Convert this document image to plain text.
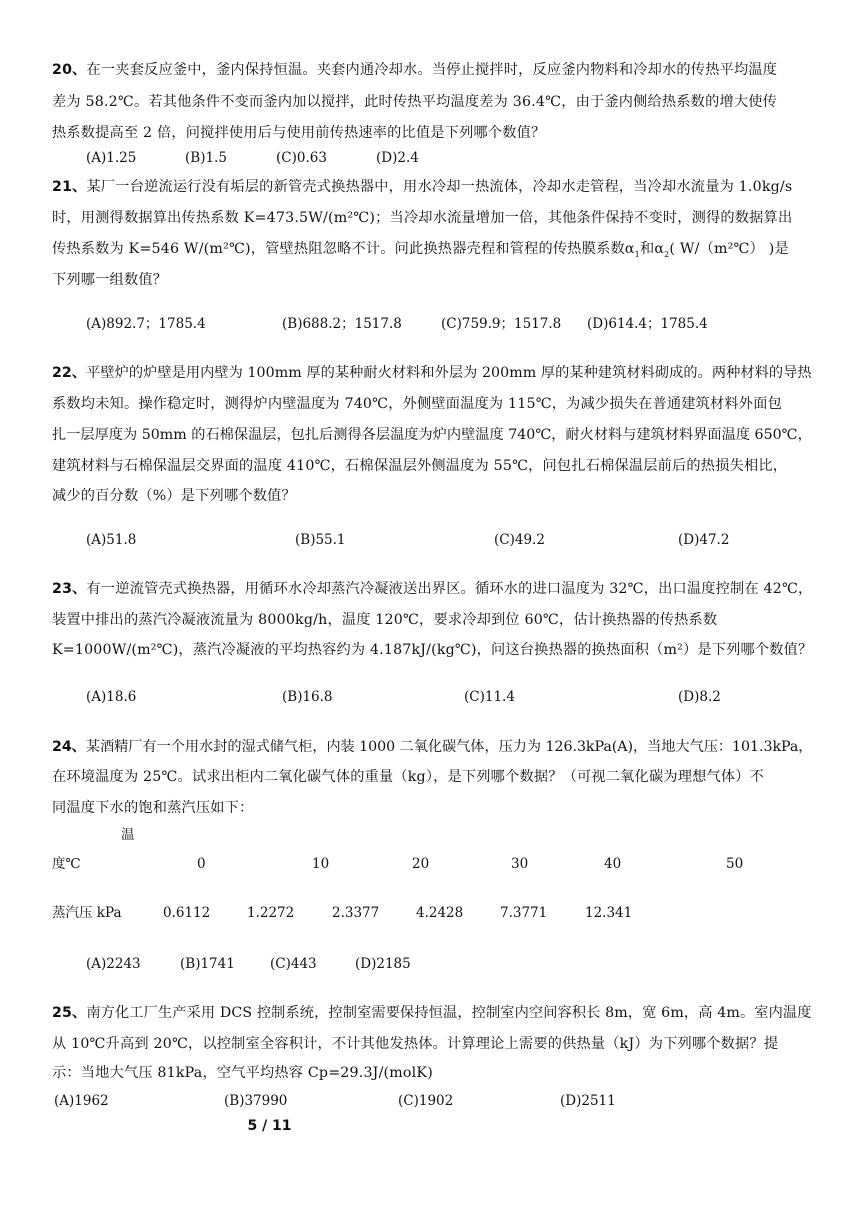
20、在一夹套反应釜中，釜内保持恒温。夹套内通冷却水。当停止搅拌时，反应釜内物料和冷却水的传热平均温度
差为 58.2℃。若其他条件不变而釜内加以搅拌，此时传热平均温度差为 36.4℃，由于釜内侧给热系数的增大使传
热系数提高至 2 倍，问搅拌使用后与使用前传热速率的比值是下列哪个数值？
(A)1.25	(B)1.5	(C)0.63	(D)2.4
21、某厂一台逆流运行没有垢层的新管壳式换热器中，用水冷却一热流体，冷却水走管程，当冷却水流量为 1.0kg/s
时，用测得数据算出传热系数 K=473.5W/(m²℃)；当冷却水流量增加一倍，其他条件保持不变时，测得的数据算出
传热系数为 K=546 W/(m²℃)，管壁热阻忽略不计。问此换热器壳程和管程的传热膜系数$\alpha_1$和$\alpha_2$( W/（m²℃） )是
下列哪一组数值？
(A)892.7；1785.4	(B)688.2；1517.8	(C)759.9；1517.8 (D)614.4；1785.4
22、平壁炉的炉壁是用内壁为 100mm 厚的某种耐火材料和外层为 200mm 厚的某种建筑材料砌成的。两种材料的导热
系数均未知。操作稳定时，测得炉内壁温度为 740℃，外侧壁面温度为 115℃，为减少损失在普通建筑材料外面包
扎一层厚度为 50mm 的石棉保温层，包扎后测得各层温度为炉内壁温度 740℃，耐火材料与建筑材料界面温度 650℃，
建筑材料与石棉保温层交界面的温度 410℃，石棉保温层外侧温度为 55℃，问包扎石棉保温层前后的热损失相比，
减少的百分数（%）是下列哪个数值？
(A)51.8	(B)55.1	(C)49.2	(D)47.2
23、有一逆流管壳式换热器，用循环水冷却蒸汽冷凝液送出界区。循环水的进口温度为 32℃，出口温度控制在 42℃，
装置中排出的蒸汽冷凝液流量为 8000kg/h，温度 120℃，要求冷却到位 60℃，估计换热器的传热系数
K=1000W/(m²℃)，蒸汽冷凝液的平均热容约为 4.187kJ/(kg℃)，问这台换热器的换热面积（m²）是下列哪个数值？
(A)18.6	(B)16.8	(C)11.4	(D)8.2
24、某酒精厂有一个用水封的湿式储气柜，内装 1000 二氧化碳气体，压力为 126.3kPa(A)，当地大气压：101.3kPa，
在环境温度为 25℃。试求出柜内二氧化碳气体的重量（kg），是下列哪个数据？（可视二氧化碳为理想气体）不
同温度下水的饱和蒸汽压如下：
温
度℃	0	10	20	30	40	50
蒸汽压 kPa	0.6112	1.2272	2.3377	4.2428	7.3771	12.341
(A)2243	(B)1741	(C)443	(D)2185
25、南方化工厂生产采用 DCS 控制系统，控制室需要保持恒温，控制室内空间容积长 8m，宽 6m，高 4m。室内温度
从 10℃升高到 20℃，以控制室全容积计，不计其他发热体。计算理论上需要的供热量（kJ）为下列哪个数据？提
示：当地大气压 81kPa，空气平均热容 Cp=29.3J/(molK)
(A)1962	(B)37990	(C)1902	(D)2511
5 / 11
